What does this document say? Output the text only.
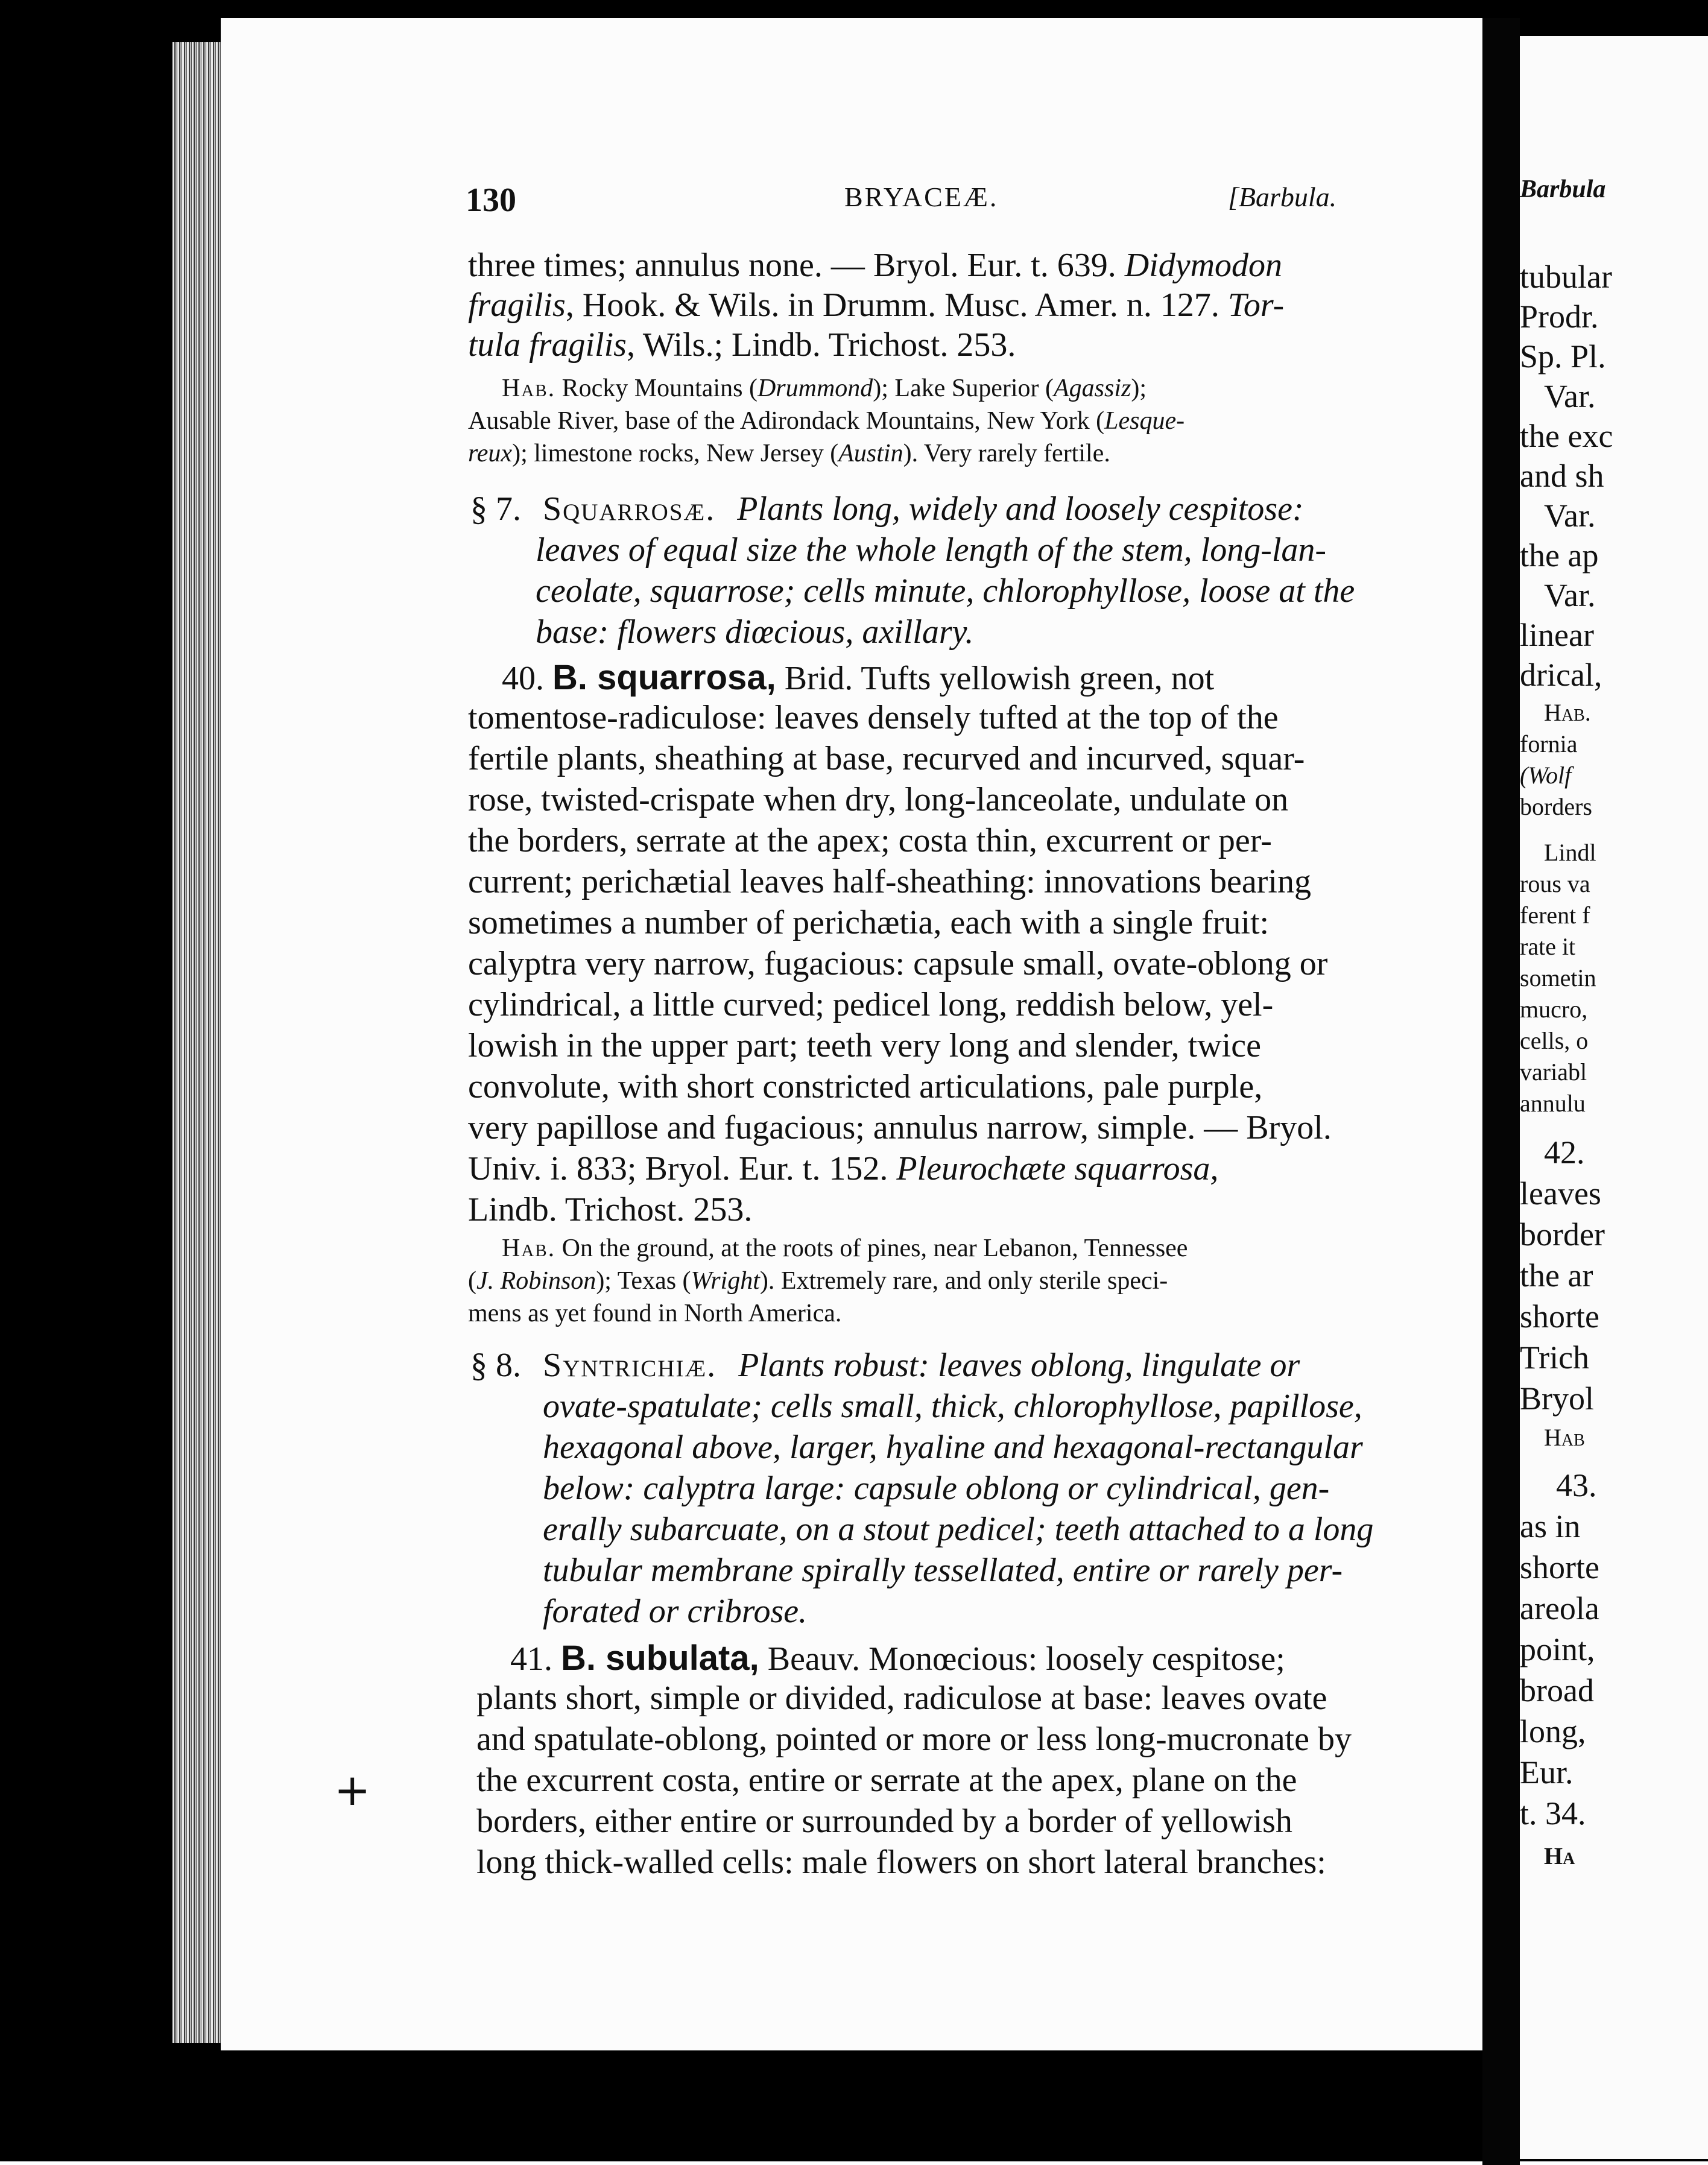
130	BRYACEÆ.	[Barbula.
three times; annulus none. — Bryol. Eur. t. 639. Didymodon
fragilis, Hook. & Wils. in Drumm. Musc. Amer. n. 127. Tor-
tula fragilis, Wils.; Lindb. Trichost. 253.
Hab. Rocky Mountains (Drummond); Lake Superior (Agassiz);
Ausable River, base of the Adirondack Mountains, New York (Lesque-
reux); limestone rocks, New Jersey (Austin). Very rarely fertile.
§ 7. Squarrosæ. Plants long, widely and loosely cespitose:
leaves of equal size the whole length of the stem, long-lan-
ceolate, squarrose; cells minute, chlorophyllose, loose at the
base: flowers diœcious, axillary.
40. B. squarrosa, Brid. Tufts yellowish green, not
tomentose-radiculose: leaves densely tufted at the top of the
fertile plants, sheathing at base, recurved and incurved, squar-
rose, twisted-crispate when dry, long-lanceolate, undulate on
the borders, serrate at the apex; costa thin, excurrent or per-
current; perichætial leaves half-sheathing: innovations bearing
sometimes a number of perichætia, each with a single fruit:
calyptra very narrow, fugacious: capsule small, ovate-oblong or
cylindrical, a little curved; pedicel long, reddish below, yel-
lowish in the upper part; teeth very long and slender, twice
convolute, with short constricted articulations, pale purple,
very papillose and fugacious; annulus narrow, simple. — Bryol.
Univ. i. 833; Bryol. Eur. t. 152. Pleurochæte squarrosa,
Lindb. Trichost. 253.
Hab. On the ground, at the roots of pines, near Lebanon, Tennessee
(J. Robinson); Texas (Wright). Extremely rare, and only sterile speci-
mens as yet found in North America.
§ 8. Syntrichiæ. Plants robust: leaves oblong, lingulate or
ovate-spatulate; cells small, thick, chlorophyllose, papillose,
hexagonal above, larger, hyaline and hexagonal-rectangular
below: calyptra large: capsule oblong or cylindrical, gen-
erally subarcuate, on a stout pedicel; teeth attached to a long
tubular membrane spirally tessellated, entire or rarely per-
forated or cribrose.
41. B. subulata, Beauv. Monœcious: loosely cespitose;
plants short, simple or divided, radiculose at base: leaves ovate
and spatulate-oblong, pointed or more or less long-mucronate by
the excurrent costa, entire or serrate at the apex, plane on the
borders, either entire or surrounded by a border of yellowish
long thick-walled cells: male flowers on short lateral branches:
+
Barbula
tubular
Prodr.
Sp. Pl.
Var.
the exc
and sh
Var.
the ap
Var.
linear
drical,
Hab.
fornia
(Wolf
borders
Lindl
rous va
ferent f
rate it
sometin
mucro,
cells, o
variabl
annulu
42.
leaves
border
the ar
shorte
Trich
Bryol
Hab
43.
as in
shorte
areola
point,
broad
long,
Eur.
t. 34.
Ha
